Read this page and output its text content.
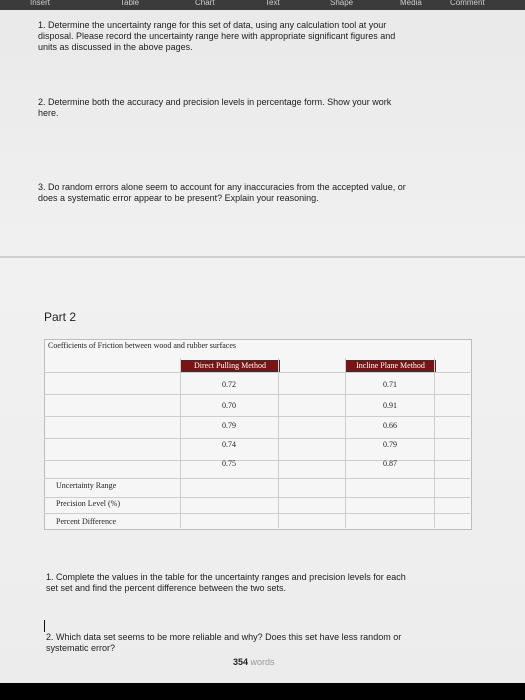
Insert	Table	Chart	Text	Shape	Media	Comment
1. Determine the uncertainty range for this set of data, using any calculation tool at your
disposal. Please record the uncertainty range here with appropriate significant figures and
units as discussed in the above pages.
2. Determine both the accuracy and precision levels in percentage form. Show your work
here.
3. Do random errors alone seem to account for any inaccuracies from the accepted value, or
does a systematic error appear to be present? Explain your reasoning.
Part 2
Coefficients of Friction between wood and rubber surfaces
Direct Pulling Method	Incline Plane Method
0.72	0.71
0.70	0.91
0.79	0.66
0.74	0.79
0.75	0.87
Uncertainty Range
Precision Level (%)
Percent Difference
1. Complete the values in the table for the uncertainty ranges and precision levels for each
set set and find the percent difference between the two sets.
2. Which data set seems to be more reliable and why? Does this set have less random or
systematic error?
354 words
